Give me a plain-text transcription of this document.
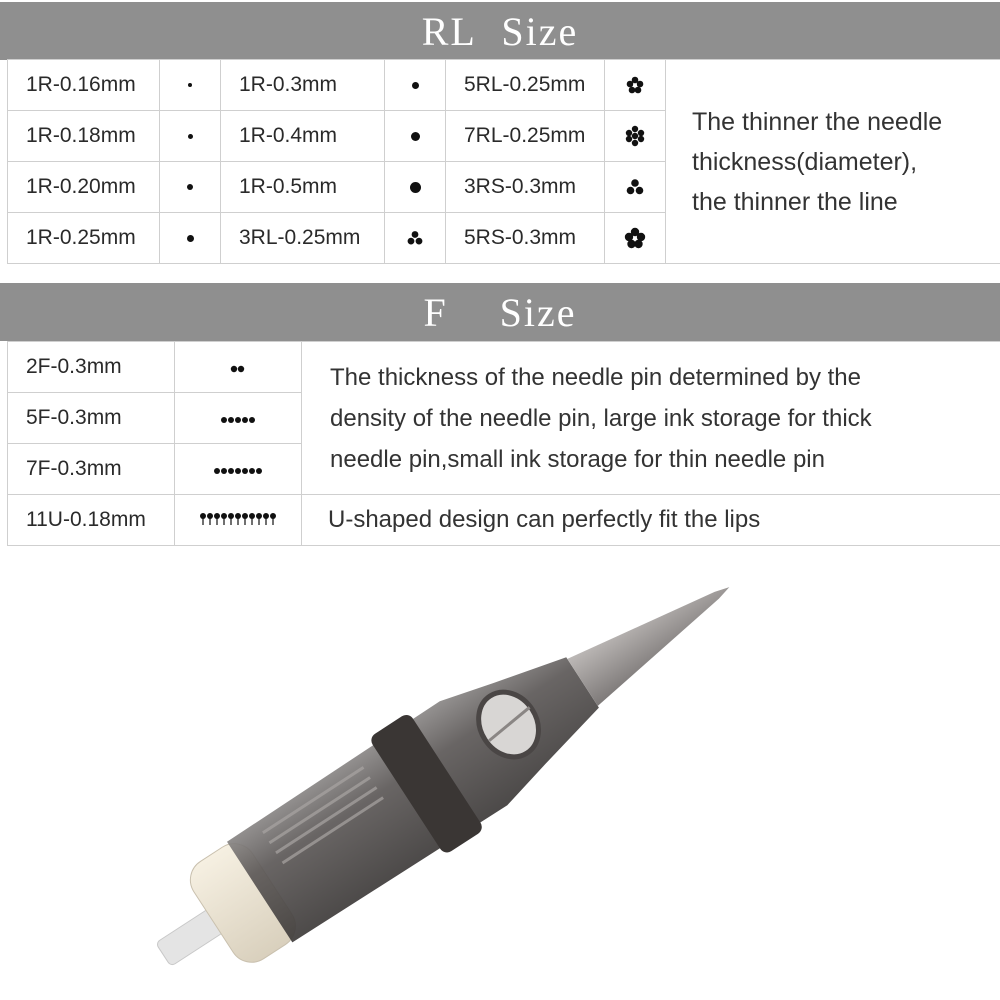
RL Size
1R-0.16mm		1R-0.3mm		5RL-0.25mm		The thinner the needle
thickness(diameter),
the thinner the line

1R-0.18mm		1R-0.4mm		7RL-0.25mm	
1R-0.20mm		1R-0.5mm		3RS-0.3mm	
1R-0.25mm		3RL-0.25mm		5RS-0.3mm	
F  Size
2F-0.3mm		The thickness of the needle pin determined by the
density of the needle pin, large ink storage for thick
needle pin,small ink storage for thin needle pin

5F-0.3mm	
7F-0.3mm	
11U-0.18mm		U-shaped design can perfectly fit the lips
